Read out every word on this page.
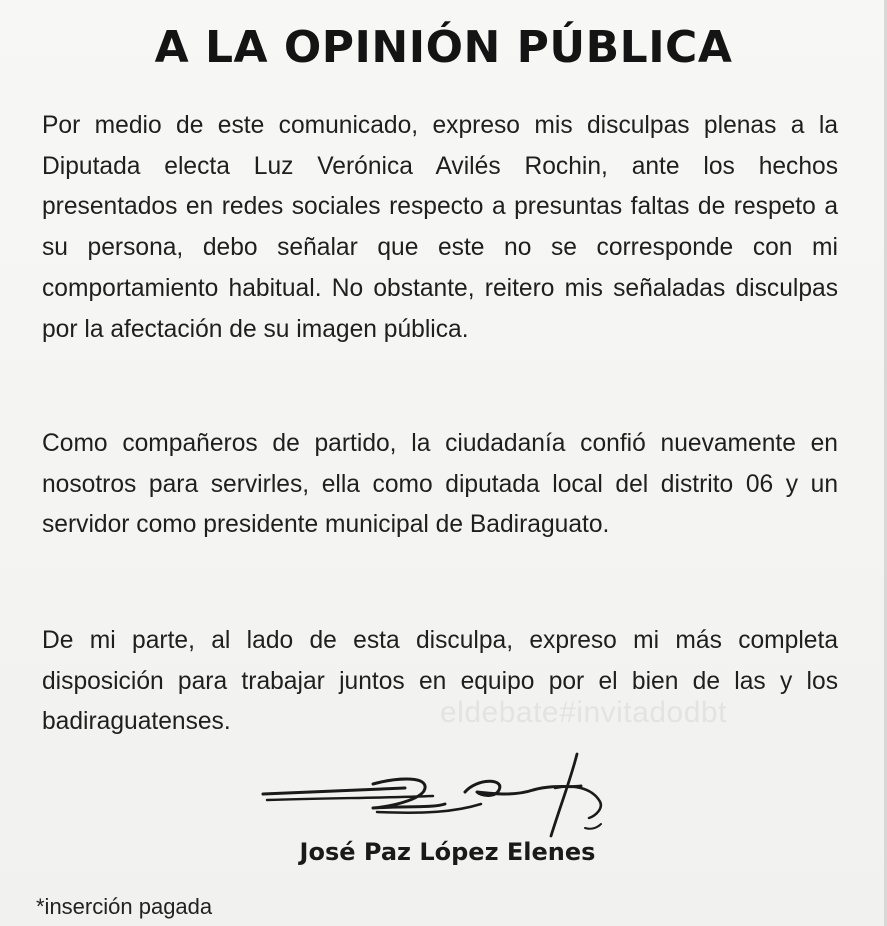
A LA OPINIÓN PÚBLICA

Por medio de este comunicado, expreso mis disculpas plenas a la Diputada electa Luz Verónica Avilés Rochin, ante los hechos presentados en redes sociales respecto a presuntas faltas de respeto a su persona, debo señalar que este no se corresponde con mi comportamiento habitual. No obstante, reitero mis señaladas disculpas por la afectación de su imagen pública.

Como compañeros de partido, la ciudadanía confió nuevamente en nosotros para servirles, ella como diputada local del distrito 06 y un servidor como presidente municipal de Badiraguato.

De mi parte, al lado de esta disculpa, expreso mi más completa disposición para trabajar juntos en equipo por el bien de las y los badiraguatenses.	eldebate#invitadodbt
José Paz López Elenes
*inserción pagada
